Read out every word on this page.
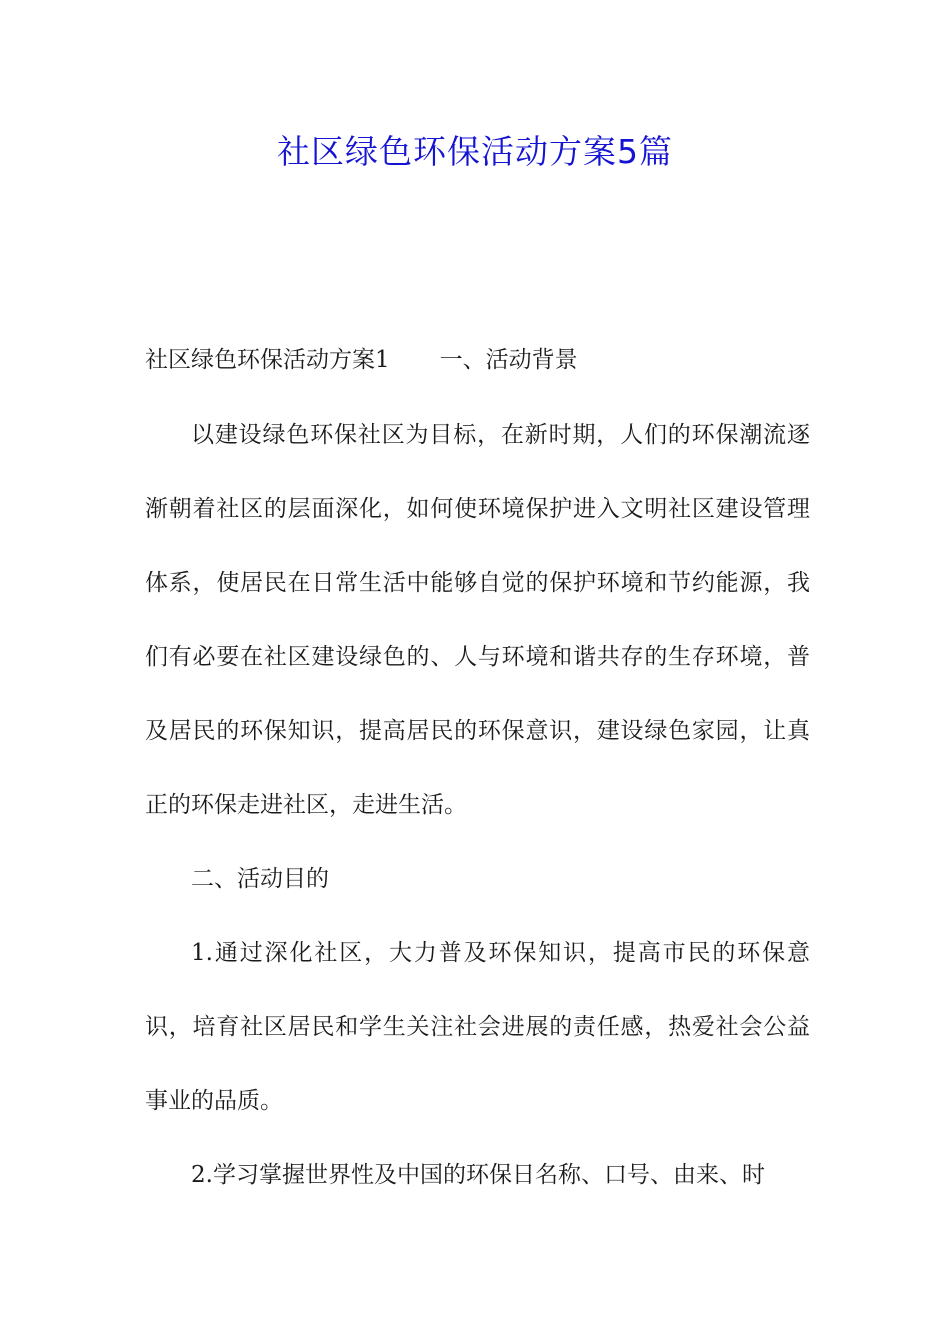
社区绿色环保活动方案5篇
社区绿色环保活动方案1 一、活动背景

以建设绿色环保社区为目标，在新时期，人们的环保潮流逐渐朝着社区的层面深化，如何使环境保护进入文明社区建设管理体系，使居民在日常生活中能够自觉的保护环境和节约能源，我们有必要在社区建设绿色的、人与环境和谐共存的生存环境，普及居民的环保知识，提高居民的环保意识，建设绿色家园，让真正的环保走进社区，走进生活。

二、活动目的

1.通过深化社区，大力普及环保知识，提高市民的环保意识，培育社区居民和学生关注社会进展的责任感，热爱社会公益事业的品质。

2.学习掌握世界性及中国的环保日名称、口号、由来、时
